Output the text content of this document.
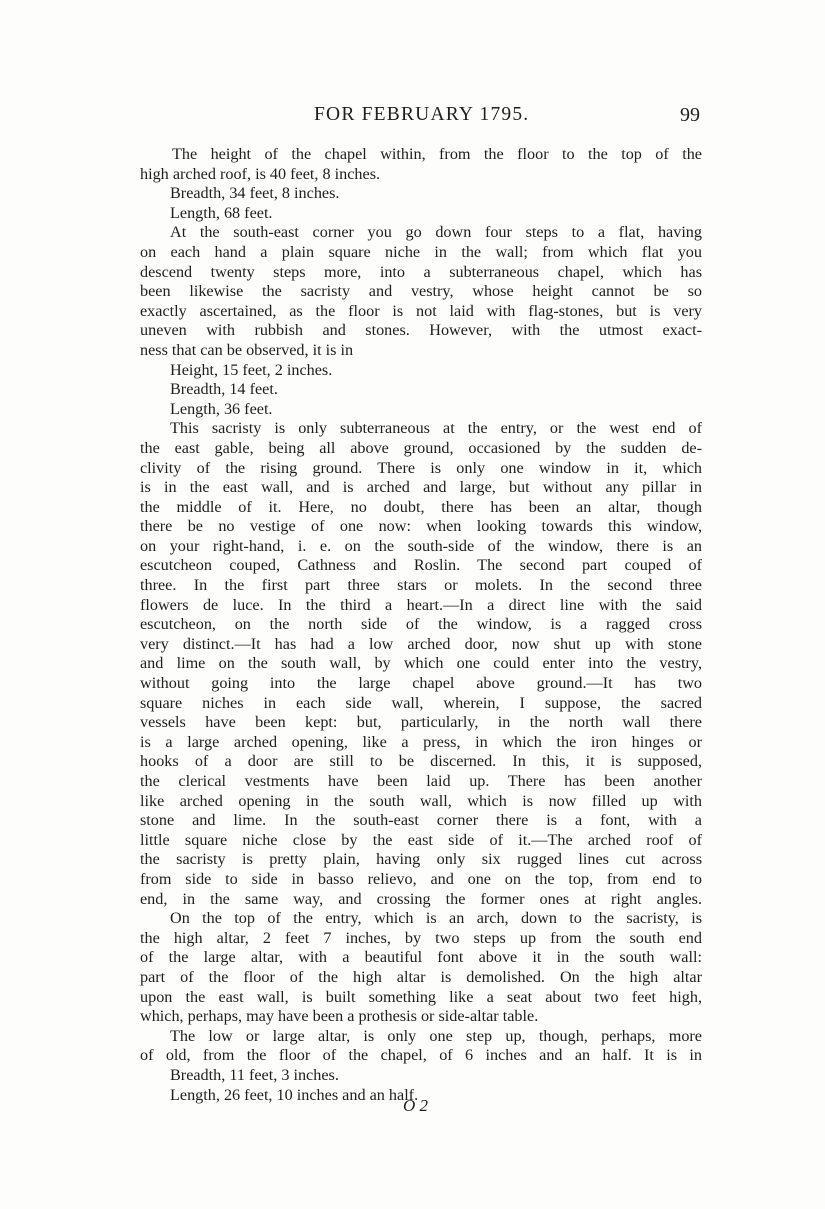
FOR FEBRUARY 1795.	99
The height of the chapel within, from the floor to the top of the
high arched roof, is 40 feet, 8 inches.
Breadth, 34 feet, 8 inches.
Length, 68 feet.
At the south-east corner you go down four steps to a flat, having
on each hand a plain square niche in the wall; from which flat you
descend twenty steps more, into a subterraneous chapel, which has
been likewise the sacristy and vestry, whose height cannot be so
exactly ascertained, as the floor is not laid with flag-stones, but is very
uneven with rubbish and stones. However, with the utmost exact-
ness that can be observed, it is in
Height, 15 feet, 2 inches.
Breadth, 14 feet.
Length, 36 feet.
This sacristy is only subterraneous at the entry, or the west end of
the east gable, being all above ground, occasioned by the sudden de-
clivity of the rising ground. There is only one window in it, which
is in the east wall, and is arched and large, but without any pillar in
the middle of it. Here, no doubt, there has been an altar, though
there be no vestige of one now: when looking towards this window,
on your right-hand, i. e. on the south-side of the window, there is an
escutcheon couped, Cathness and Roslin. The second part couped of
three. In the first part three stars or molets. In the second three
flowers de luce. In the third a heart.—In a direct line with the said
escutcheon, on the north side of the window, is a ragged cross
very distinct.—It has had a low arched door, now shut up with stone
and lime on the south wall, by which one could enter into the vestry,
without going into the large chapel above ground.—It has two
square niches in each side wall, wherein, I suppose, the sacred
vessels have been kept: but, particularly, in the north wall there
is a large arched opening, like a press, in which the iron hinges or
hooks of a door are still to be discerned. In this, it is supposed,
the clerical vestments have been laid up. There has been another
like arched opening in the south wall, which is now filled up with
stone and lime. In the south-east corner there is a font, with a
little square niche close by the east side of it.—The arched roof of
the sacristy is pretty plain, having only six rugged lines cut across
from side to side in basso relievo, and one on the top, from end to
end, in the same way, and crossing the former ones at right angles.
On the top of the entry, which is an arch, down to the sacristy, is
the high altar, 2 feet 7 inches, by two steps up from the south end
of the large altar, with a beautiful font above it in the south wall:
part of the floor of the high altar is demolished. On the high altar
upon the east wall, is built something like a seat about two feet high,
which, perhaps, may have been a prothesis or side-altar table.
The low or large altar, is only one step up, though, perhaps, more
of old, from the floor of the chapel, of 6 inches and an half. It is in
Breadth, 11 feet, 3 inches.
Length, 26 feet, 10 inches and an half.
O 2
